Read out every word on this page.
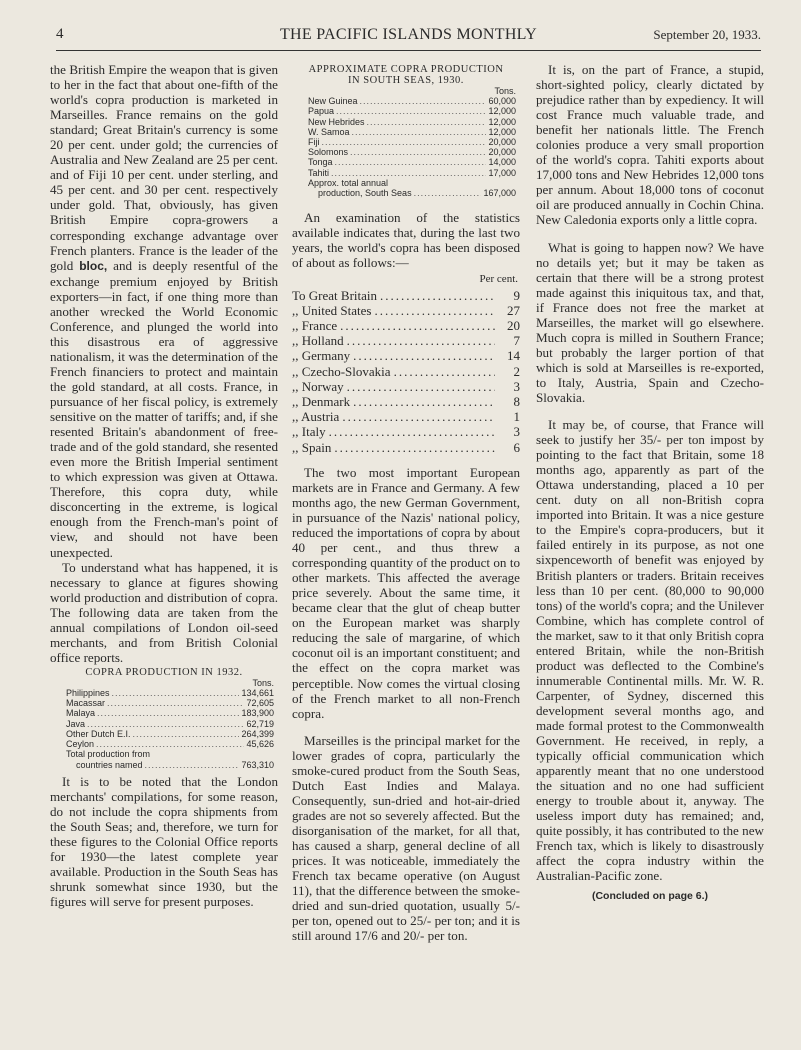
4	THE PACIFIC ISLANDS MONTHLY	September 20, 1933.

the British Empire the weapon that is given to her in the fact that about one-fifth of the world's copra production is marketed in Marseilles. France remains on the gold standard; Great Britain's currency is some 20 per cent. under gold; the currencies of Australia and New Zealand are 25 per cent. and of Fiji 10 per cent. under sterling, and 45 per cent. and 30 per cent. respectively under gold. That, obviously, has given British Empire copra-growers a corresponding exchange advantage over French planters. France is the leader of the gold bloc, and is deeply resentful of the exchange premium enjoyed by British exporters—in fact, if one thing more than another wrecked the World Economic Conference, and plunged the world into this disastrous era of aggressive nationalism, it was the determination of the French financiers to protect and maintain the gold standard, at all costs. France, in pursuance of her fiscal policy, is extremely sensitive on the matter of tariffs; and, if she resented Britain's abandonment of free-trade and of the gold standard, she resented even more the British Imperial sentiment to which expression was given at Ottawa. Therefore, this copra duty, while disconcerting in the extreme, is logical enough from the French-man's point of view, and should not have been unexpected.

To understand what has happened, it is necessary to glance at figures showing world production and distribution of copra. The following data are taken from the annual compilations of London oil-seed merchants, and from British Colonial office reports.

COPRA PRODUCTION IN 1932.
Tons.
Philippines .....	134,661
Macassar .....	72,605
Malaya .....	183,900
Java .....	62,719
Other Dutch E.I. .....	264,399
Ceylon .....	45,626
Total production from
countries named .....	763,310

It is to be noted that the London merchants' compilations, for some reason, do not include the copra shipments from the South Seas; and, therefore, we turn for these figures to the Colonial Office reports for 1930—the latest complete year available. Production in the South Seas has shrunk somewhat since 1930, but the figures will serve for present purposes.

APPROXIMATE COPRA PRODUCTION
IN SOUTH SEAS, 1930.
Tons.
New Guinea .....	60,000
Papua .....	12,000
New Hebrides .....	12,000
W. Samoa .....	12,000
Fiji .....	20,000
Solomons .....	20,000
Tonga .....	14,000
Tahiti .....	17,000
Approx. total annual
production, South Seas .....	167,000

An examination of the statistics available indicates that, during the last two years, the world's copra has been disposed of about as follows:—

Per cent.
To Great Britain .....	9
,, United States .....	27
,, France .....	20
,, Holland .....	7
,, Germany .....	14
,, Czecho-Slovakia .....	2
,, Norway .....	3
,, Denmark .....	8
,, Austria .....	1
,, Italy .....	3
,, Spain .....	6

The two most important European markets are in France and Germany. A few months ago, the new German Government, in pursuance of the Nazis' national policy, reduced the importations of copra by about 40 per cent., and thus threw a corresponding quantity of the product on to other markets. This affected the average price severely. About the same time, it became clear that the glut of cheap butter on the European market was sharply reducing the sale of margarine, of which coconut oil is an important constituent; and the effect on the copra market was perceptible. Now comes the virtual closing of the French market to all non-French copra.

Marseilles is the principal market for the lower grades of copra, particularly the smoke-cured product from the South Seas, Dutch East Indies and Malaya. Consequently, sun-dried and hot-air-dried grades are not so severely affected. But the disorganisation of the market, for all that, has caused a sharp, general decline of all prices. It was noticeable, immediately the French tax became operative (on August 11), that the difference between the smoke-dried and sun-dried quotation, usually 5/- per ton, opened out to 25/- per ton; and it is still around 17/6 and 20/- per ton.

It is, on the part of France, a stupid, short-sighted policy, clearly dictated by prejudice rather than by expediency. It will cost France much valuable trade, and benefit her nationals little. The French colonies produce a very small proportion of the world's copra. Tahiti exports about 17,000 tons and New Hebrides 12,000 tons per annum. About 18,000 tons of coconut oil are produced annually in Cochin China. New Caledonia exports only a little copra.

What is going to happen now? We have no details yet; but it may be taken as certain that there will be a strong protest made against this iniquitous tax, and that, if France does not free the market at Marseilles, the market will go elsewhere. Much copra is milled in Southern France; but probably the larger portion of that which is sold at Marseilles is re-exported, to Italy, Austria, Spain and Czecho-Slovakia.

It may be, of course, that France will seek to justify her 35/- per ton impost by pointing to the fact that Britain, some 18 months ago, apparently as part of the Ottawa understanding, placed a 10 per cent. duty on all non-British copra imported into Britain. It was a nice gesture to the Empire's copra-producers, but it failed entirely in its purpose, as not one sixpenceworth of benefit was enjoyed by British planters or traders. Britain receives less than 10 per cent. (80,000 to 90,000 tons) of the world's copra; and the Unilever Combine, which has complete control of the market, saw to it that only British copra entered Britain, while the non-British product was deflected to the Combine's innumerable Continental mills. Mr. W. R. Carpenter, of Sydney, discerned this development several months ago, and made formal protest to the Commonwealth Government. He received, in reply, a typically official communication which apparently meant that no one understood the situation and no one had sufficient energy to trouble about it, anyway. The useless import duty has remained; and, quite possibly, it has contributed to the new French tax, which is likely to disastrously affect the copra industry within the Australian-Pacific zone.

(Concluded on page 6.)
